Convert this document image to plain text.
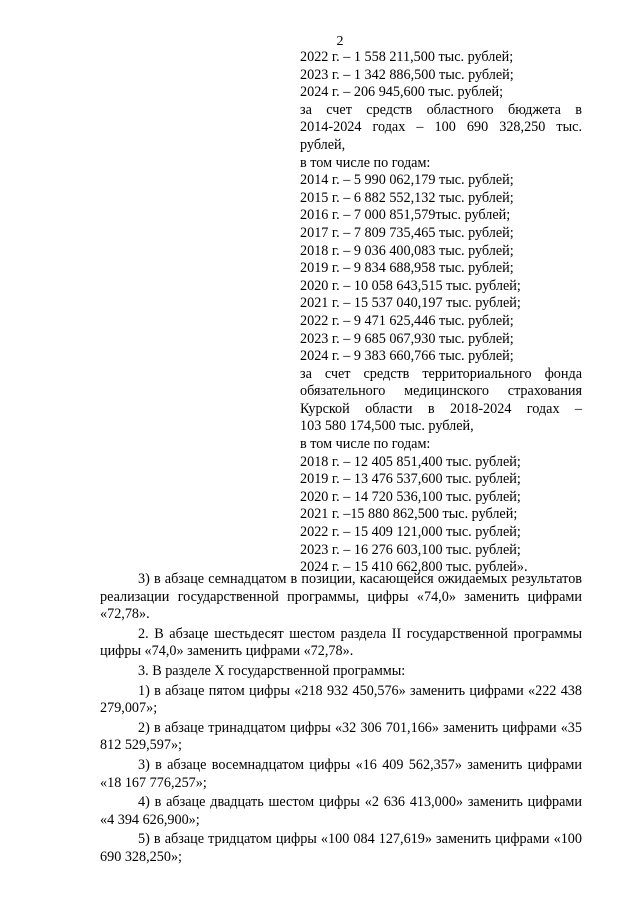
2
2022 г. – 1 558 211,500 тыс. рублей;
2023 г. – 1 342 886,500 тыс. рублей;
2024 г. – 206 945,600 тыс. рублей;
за счет средств областного бюджета в
2014-2024 годах – 100 690 328,250 тыс.
рублей,
в том числе по годам:
2014 г. – 5 990 062,179 тыс. рублей;
2015 г. – 6 882 552,132 тыс. рублей;
2016 г. – 7 000 851,579тыс. рублей;
2017 г. – 7 809 735,465 тыс. рублей;
2018 г. – 9 036 400,083 тыс. рублей;
2019 г. – 9 834 688,958 тыс. рублей;
2020 г. – 10 058 643,515 тыс. рублей;
2021 г. – 15 537 040,197 тыс. рублей;
2022 г. – 9 471 625,446 тыс. рублей;
2023 г. – 9 685 067,930 тыс. рублей;
2024 г. – 9 383 660,766 тыс. рублей;
за счет средств территориального фонда
обязательного медицинского страхования
Курской области в 2018-2024 годах –
103 580 174,500 тыс. рублей,
в том числе по годам:
2018 г. – 12 405 851,400 тыс. рублей;
2019 г. – 13 476 537,600 тыс. рублей;
2020 г. – 14 720 536,100 тыс. рублей;
2021 г. –15 880 862,500 тыс. рублей;
2022 г. – 15 409 121,000 тыс. рублей;
2023 г. – 16 276 603,100 тыс. рублей;
2024 г. – 15 410 662,800 тыс. рублей».
3) в абзаце семнадцатом в позиции, касающейся ожидаемых результатов реализации государственной программы, цифры «74,0» заменить цифрами «72,78».
2. В абзаце шестьдесят шестом раздела II государственной программы цифры «74,0» заменить цифрами «72,78».
3. В разделе X государственной программы:
1) в абзаце пятом цифры «218 932 450,576» заменить цифрами «222 438 279,007»;
2) в абзаце тринадцатом цифры «32 306 701,166» заменить цифрами «35 812 529,597»;
3) в абзаце восемнадцатом цифры «16 409 562,357» заменить цифрами «18 167 776,257»;
4) в абзаце двадцать шестом цифры «2 636 413,000» заменить цифрами «4 394 626,900»;
5) в абзаце тридцатом цифры «100 084 127,619» заменить цифрами «100 690 328,250»;
